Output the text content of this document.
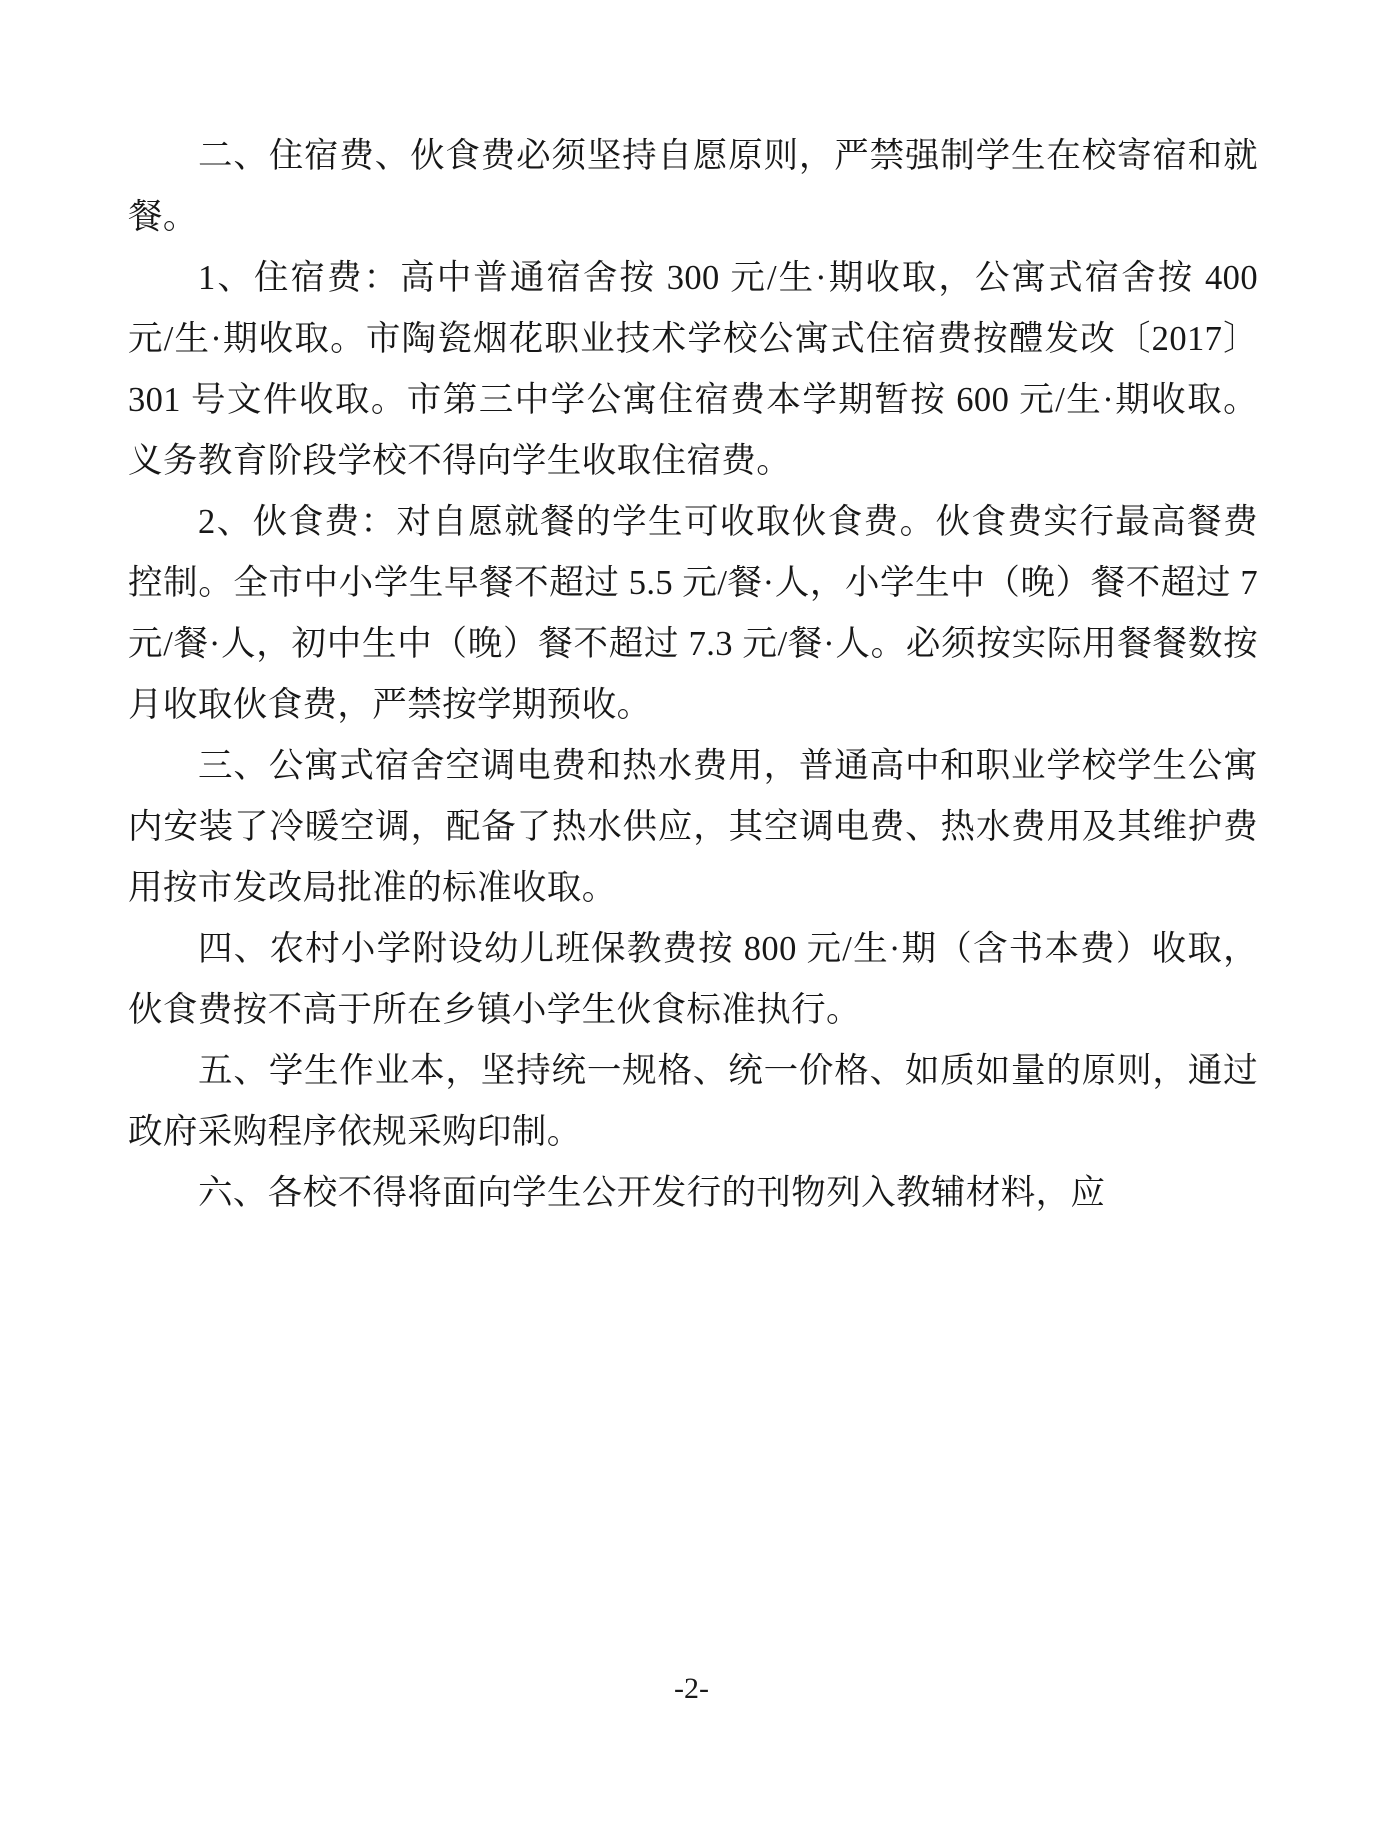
二、住宿费、伙食费必须坚持自愿原则，严禁强制学生在校寄宿和就餐。

1、住宿费：高中普通宿舍按 300 元/生·期收取，公寓式宿舍按 400 元/生·期收取。市陶瓷烟花职业技术学校公寓式住宿费按醴发改〔2017〕301 号文件收取。市第三中学公寓住宿费本学期暂按 600 元/生·期收取。义务教育阶段学校不得向学生收取住宿费。

2、伙食费：对自愿就餐的学生可收取伙食费。伙食费实行最高餐费控制。全市中小学生早餐不超过 5.5 元/餐·人，小学生中（晚）餐不超过 7 元/餐·人，初中生中（晚）餐不超过 7.3 元/餐·人。必须按实际用餐餐数按月收取伙食费，严禁按学期预收。

三、公寓式宿舍空调电费和热水费用，普通高中和职业学校学生公寓内安装了冷暖空调，配备了热水供应，其空调电费、热水费用及其维护费用按市发改局批准的标准收取。

四、农村小学附设幼儿班保教费按 800 元/生·期（含书本费）收取，伙食费按不高于所在乡镇小学生伙食标准执行。

五、学生作业本，坚持统一规格、统一价格、如质如量的原则，通过政府采购程序依规采购印制。

六、各校不得将面向学生公开发行的刊物列入教辅材料，应

-2-
